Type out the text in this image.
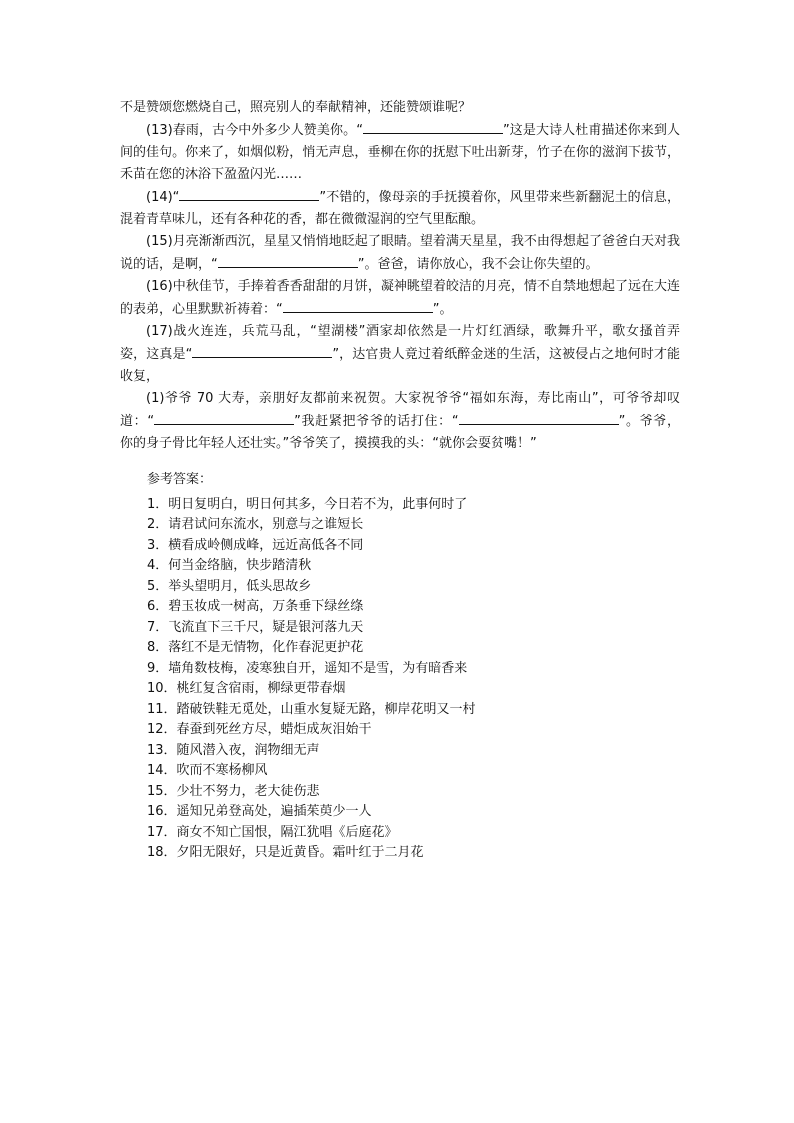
不是赞颂您燃烧自己，照亮别人的奉献精神，还能赞颂谁呢？

(13)春雨，古今中外多少人赞美你。“	”这是大诗人杜甫描述你来到人间的佳句。你来了，如烟似粉，悄无声息，垂柳在你的抚慰下吐出新芽，竹子在你的滋润下拔节，禾苗在您的沐浴下盈盈闪光……

(14)“	”不错的，像母亲的手抚摸着你，风里带来些新翻泥土的信息，混着青草味儿，还有各种花的香，都在微微湿润的空气里酝酿。

(15)月亮渐渐西沉，星星又悄悄地眨起了眼睛。望着满天星星，我不由得想起了爸爸白天对我说的话，是啊，“	”。爸爸，请你放心，我不会让你失望的。

(16)中秋佳节，手捧着香香甜甜的月饼，凝神眺望着皎洁的月亮，情不自禁地想起了远在大连的表弟，心里默默祈祷着：“	”。

(17)战火连连，兵荒马乱，“望湖楼”酒家却依然是一片灯红酒绿，歌舞升平，歌女搔首弄姿，这真是“	”，达官贵人竟过着纸醉金迷的生活，这被侵占之地何时才能收复，

(1)爷爷 70 大寿，亲朋好友都前来祝贺。大家祝爷爷“福如东海，寿比南山”，可爷爷却叹道：“	”我赶紧把爷爷的话打住：“	”。爷爷，你的身子骨比年轻人还壮实。”爷爷笑了，摸摸我的头：“就你会耍贫嘴！”

参考答案：

1．明日复明白，明日何其多，今日若不为，此事何时了
2．请君试问东流水，别意与之谁短长
3．横看成岭侧成峰，远近高低各不同
4．何当金络脑，快步踏清秋
5．举头望明月，低头思故乡
6．碧玉妆成一树高，万条垂下绿丝绦
7．飞流直下三千尺，疑是银河落九天
8．落红不是无情物，化作春泥更护花
9．墙角数枝梅，凌寒独自开，遥知不是雪，为有暗香来
10．桃红复含宿雨，柳绿更带春烟
11．踏破铁鞋无觅处，山重水复疑无路，柳岸花明又一村
12．春蚕到死丝方尽，蜡炬成灰泪始干
13．随风潜入夜，润物细无声
14．吹而不寒杨柳风
15．少壮不努力，老大徒伤悲
16．遥知兄弟登高处，遍插茱萸少一人
17．商女不知亡国恨，隔江犹唱《后庭花》
18．夕阳无限好，只是近黄昏。霜叶红于二月花
